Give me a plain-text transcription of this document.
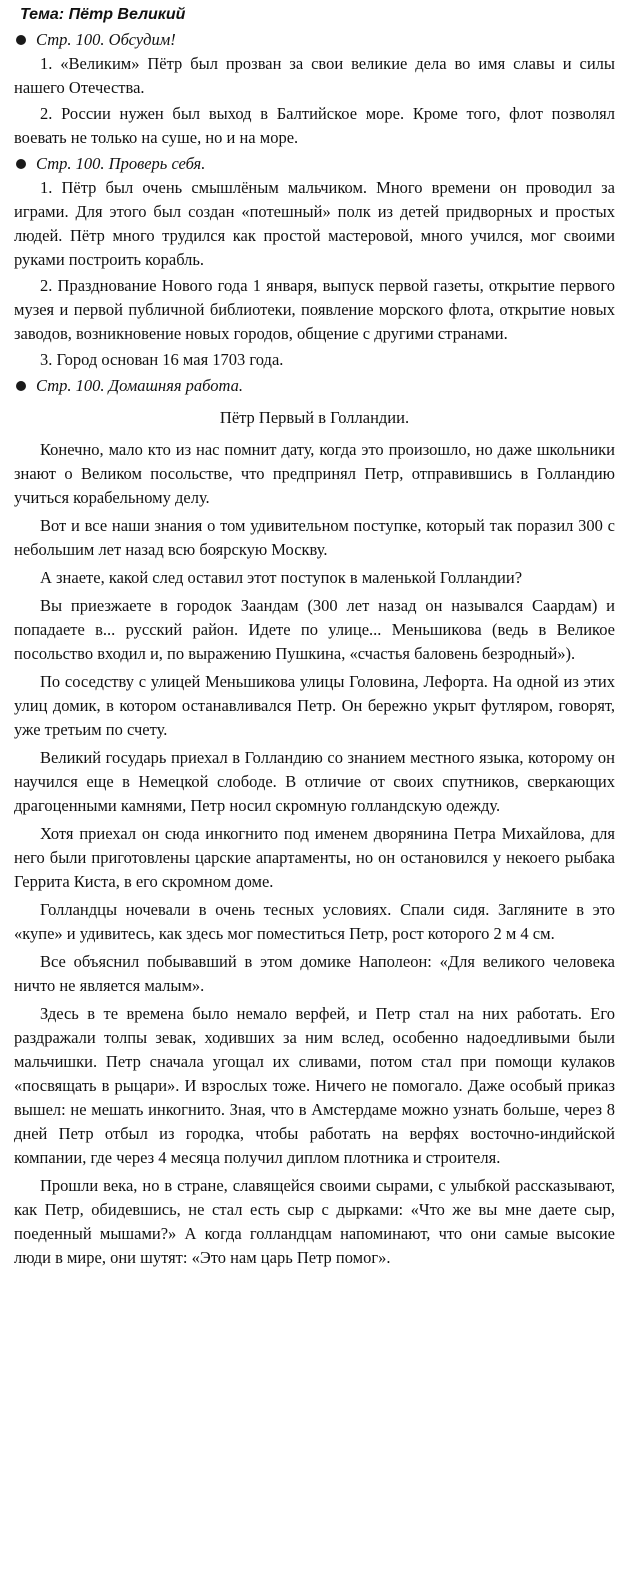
Тема: Пётр Великий
Стр. 100. Обсудим!

1. «Великим» Пётр был прозван за свои великие дела во имя славы и силы нашего Отечества.

2. России нужен был выход в Балтийское море. Кроме того, флот позволял воевать не только на суше, но и на море.

Стр. 100. Проверь себя.

1. Пётр был очень смышлёным мальчиком. Много времени он проводил за играми. Для этого был создан «потешный» полк из детей придворных и простых людей. Пётр много трудился как простой мастеровой, много учился, мог своими руками построить корабль.

2. Празднование Нового года 1 января, выпуск первой газеты, открытие первого музея и первой публичной библиотеки, появление морского флота, открытие новых заводов, возникновение новых городов, общение с другими странами.

3. Город основан 16 мая 1703 года.

Стр. 100. Домашняя работа.
Пётр Первый в Голландии.

Конечно, мало кто из нас помнит дату, когда это произошло, но даже школьники знают о Великом посольстве, что предпринял Петр, отправившись в Голландию учиться корабельному делу.

Вот и все наши знания о том удивительном поступке, который так поразил 300 с небольшим лет назад всю боярскую Москву.

А знаете, какой след оставил этот поступок в маленькой Голландии?

Вы приезжаете в городок Заандам (300 лет назад он назывался Саардам) и попадаете в... русский район. Идете по улице... Меньшикова (ведь в Великое посольство входил и, по выражению Пушкина, «счастья баловень безродный»).

По соседству с улицей Меньшикова улицы Головина, Лефорта. На одной из этих улиц домик, в котором останавливался Петр. Он бережно укрыт футляром, говорят, уже третьим по счету.

Великий государь приехал в Голландию со знанием местного языка, которому он научился еще в Немецкой слободе. В отличие от своих спутников, сверкающих драгоценными камнями, Петр носил скромную голландскую одежду.

Хотя приехал он сюда инкогнито под именем дворянина Петра Михайлова, для него были приготовлены царские апартаменты, но он остановился у некоего рыбака Геррита Киста, в его скромном доме.

Голландцы ночевали в очень тесных условиях. Спали сидя. Загляните в это «купе» и удивитесь, как здесь мог поместиться Петр, рост которого 2 м 4 см.

Все объяснил побывавший в этом домике Наполеон: «Для великого человека ничто не является малым».

Здесь в те времена было немало верфей, и Петр стал на них работать. Его раздражали толпы зевак, ходивших за ним вслед, особенно надоедливыми были мальчишки. Петр сначала угощал их сливами, потом стал при помощи кулаков «посвящать в рыцари». И взрослых тоже. Ничего не помогало. Даже особый приказ вышел: не мешать инкогнито. Зная, что в Амстердаме можно узнать больше, через 8 дней Петр отбыл из городка, чтобы работать на верфях восточно-индийской компании, где через 4 месяца получил диплом плотника и строителя.

Прошли века, но в стране, славящейся своими сырами, с улыбкой рассказывают, как Петр, обидевшись, не стал есть сыр с дырками: «Что же вы мне даете сыр, поеденный мышами?» А когда голландцам напоминают, что они самые высокие люди в мире, они шутят: «Это нам царь Петр помог».
